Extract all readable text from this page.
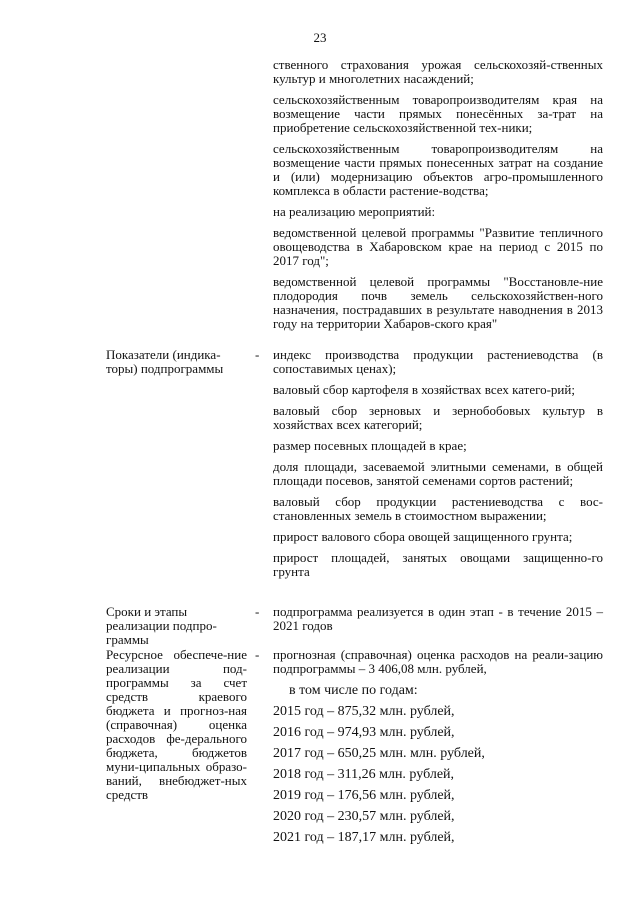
23

ственного страхования урожая сельскохозяй-ственных культур и многолетних насаждений;

сельскохозяйственным товаропроизводителям края на возмещение части прямых понесённых за-трат на приобретение сельскохозяйственной тех-ники;

сельскохозяйственным товаропроизводителям на возмещение части прямых понесенных затрат на создание и (или) модернизацию объектов агро-промышленного комплекса в области растение-водства;

на реализацию мероприятий:

ведомственной целевой программы "Развитие тепличного овощеводства в Хабаровском крае на период с 2015 по 2017 год";

ведомственной целевой программы "Восстановле-ние плодородия почв земель сельскохозяйствен-ного назначения, пострадавших в результате наводнения в 2013 году на территории Хабаров-ского края"

Показатели (индика-торы) подпрограммы
- индекс производства продукции растениеводства (в сопоставимых ценах);

валовый сбор картофеля в хозяйствах всех катего-рий;

валовый сбор зерновых и зернобобовых культур в хозяйствах всех категорий;

размер посевных площадей в крае;

доля площади, засеваемой элитными семенами, в общей площади посевов, занятой семенами сортов растений;

валовый сбор продукции растениеводства с вос-становленных земель в стоимостном выражении;

прирост валового сбора овощей защищенного грунта;

прирост площадей, занятых овощами защищенно-го грунта

Сроки и этапы реализации подпро-граммы
- подпрограмма реализуется в один этап - в течение 2015 – 2021 годов

Ресурсное обеспече-ние реализации под-программы за счет средств краевого бюджета и прогноз-ная (справочная) оценка расходов фе-дерального бюджета, бюджетов муни-ципальных образо-ваний, внебюджет-ных средств
- прогнозная (справочная) оценка расходов на реали-зацию подпрограммы – 3 406,08 млн. рублей,

в том числе по годам:

2015 год – 875,32 млн. рублей,

2016 год – 974,93 млн. рублей,

2017 год – 650,25 млн. млн. рублей,

2018 год – 311,26 млн. рублей,

2019 год – 176,56 млн. рублей,

2020 год – 230,57 млн. рублей,

2021 год – 187,17 млн. рублей,
